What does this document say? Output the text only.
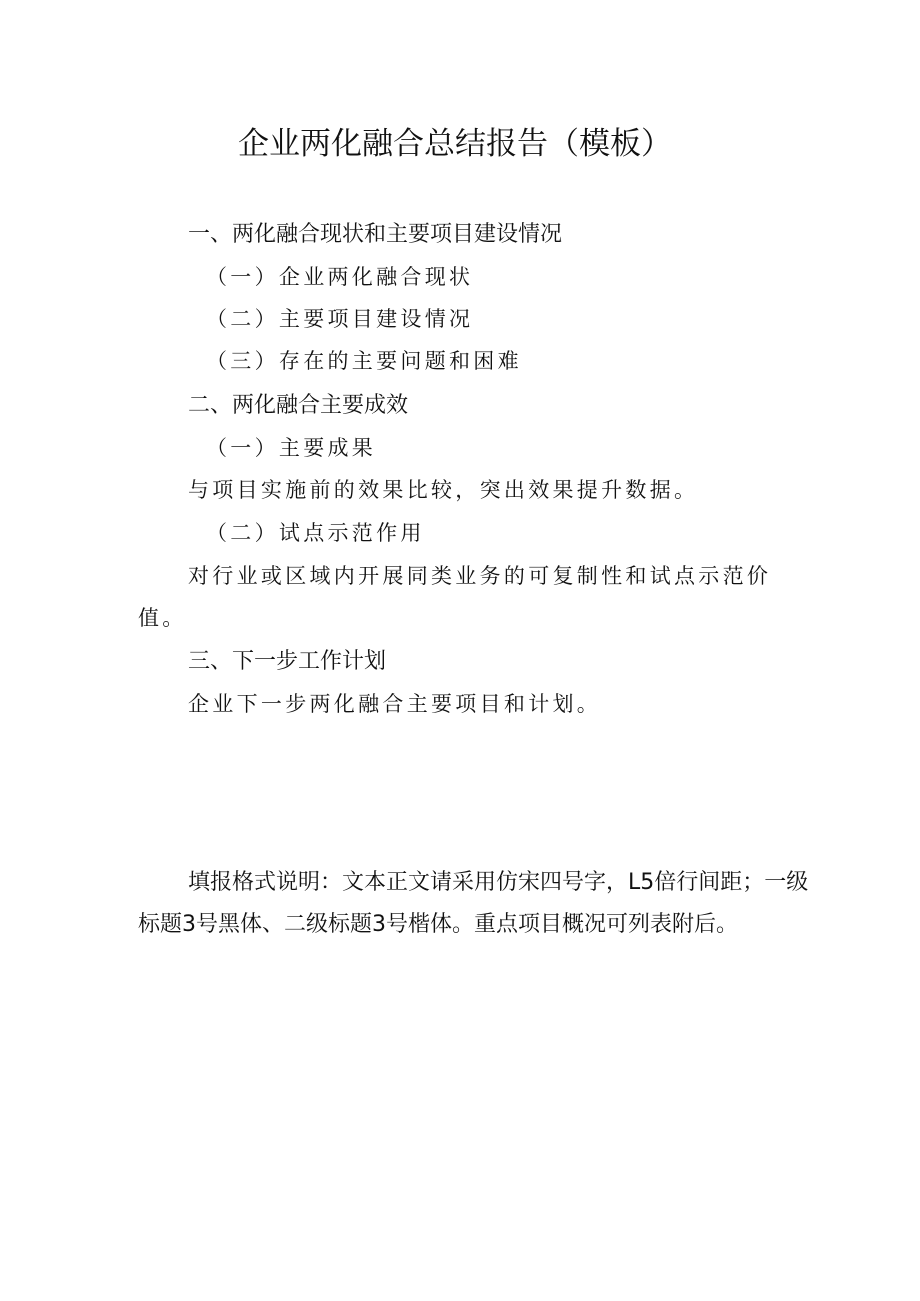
企业两化融合总结报告（模板）
一、两化融合现状和主要项目建设情况
（一）企业两化融合现状
（二）主要项目建设情况
（三）存在的主要问题和困难
二、两化融合主要成效
（一）主要成果
与项目实施前的效果比较，突出效果提升数据。
（二）试点示范作用
对行业或区域内开展同类业务的可复制性和试点示范价
值。
三、下一步工作计划
企业下一步两化融合主要项目和计划。
填报格式说明：文本正文请采用仿宋四号字，L5倍行间距；一级标题3号黑体、二级标题3号楷体。重点项目概况可列表附后。
